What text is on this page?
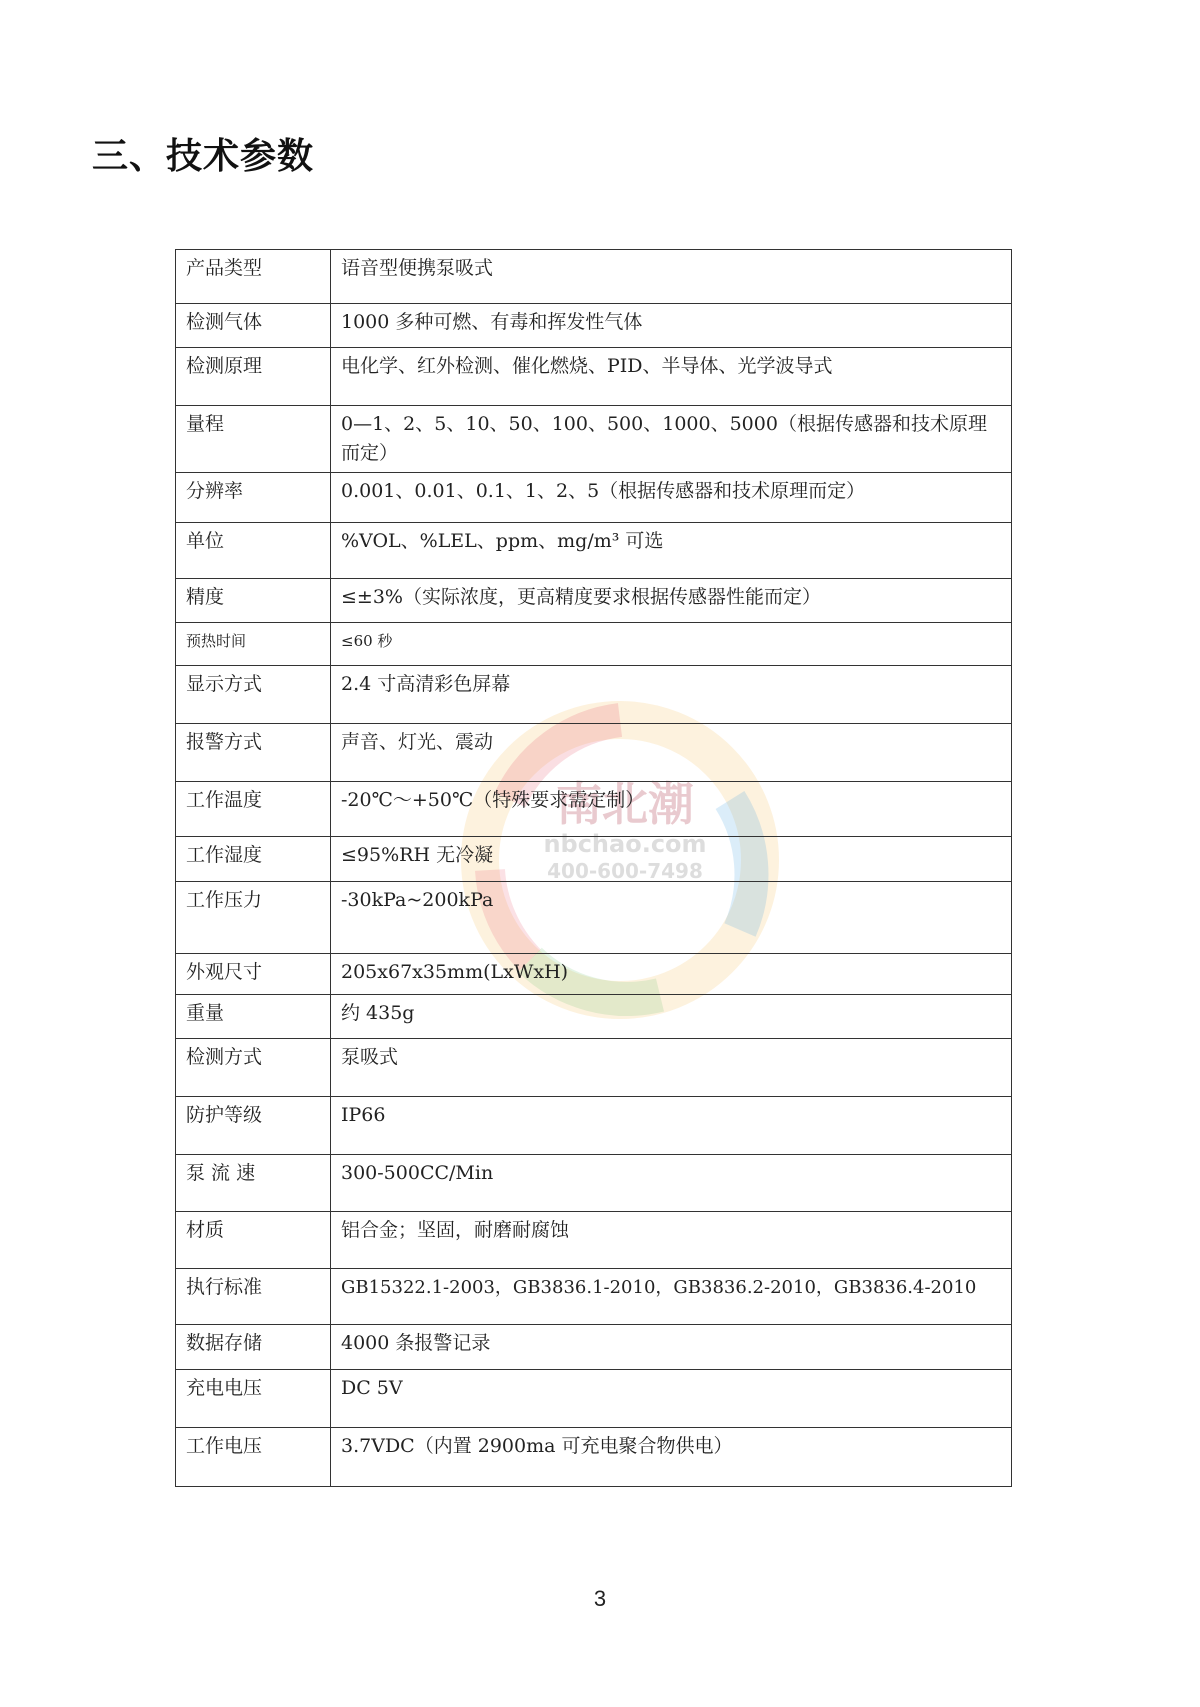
三、技术参数
南北潮
nbchao.com
400-600-7498
产品类型	语音型便携泵吸式
检测气体	1000 多种可燃、有毒和挥发性气体
检测原理	电化学、红外检测、催化燃烧、PID、半导体、光学波导式
量程	0—1、2、5、10、50、100、500、1000、5000（根据传感器和技术原理而定）
分辨率	0.001、0.01、0.1、1、2、5（根据传感器和技术原理而定）
单位	%VOL、%LEL、ppm、mg/m³ 可选
精度	≤±3%（实际浓度，更高精度要求根据传感器性能而定）
预热时间	≤60 秒
显示方式	2.4 寸高清彩色屏幕
报警方式	声音、灯光、震动
工作温度	-20℃～+50℃（特殊要求需定制）
工作湿度	≤95%RH 无冷凝
工作压力	-30kPa~200kPa
外观尺寸	205x67x35mm(LxWxH)
重量	约 435g
检测方式	泵吸式
防护等级	IP66
泵 流 速	300-500CC/Min
材质	铝合金；坚固，耐磨耐腐蚀
执行标准	GB15322.1-2003，GB3836.1-2010，GB3836.2-2010，GB3836.4-2010
数据存储	4000 条报警记录
充电电压	DC 5V
工作电压	3.7VDC（内置 2900ma 可充电聚合物供电）
3
